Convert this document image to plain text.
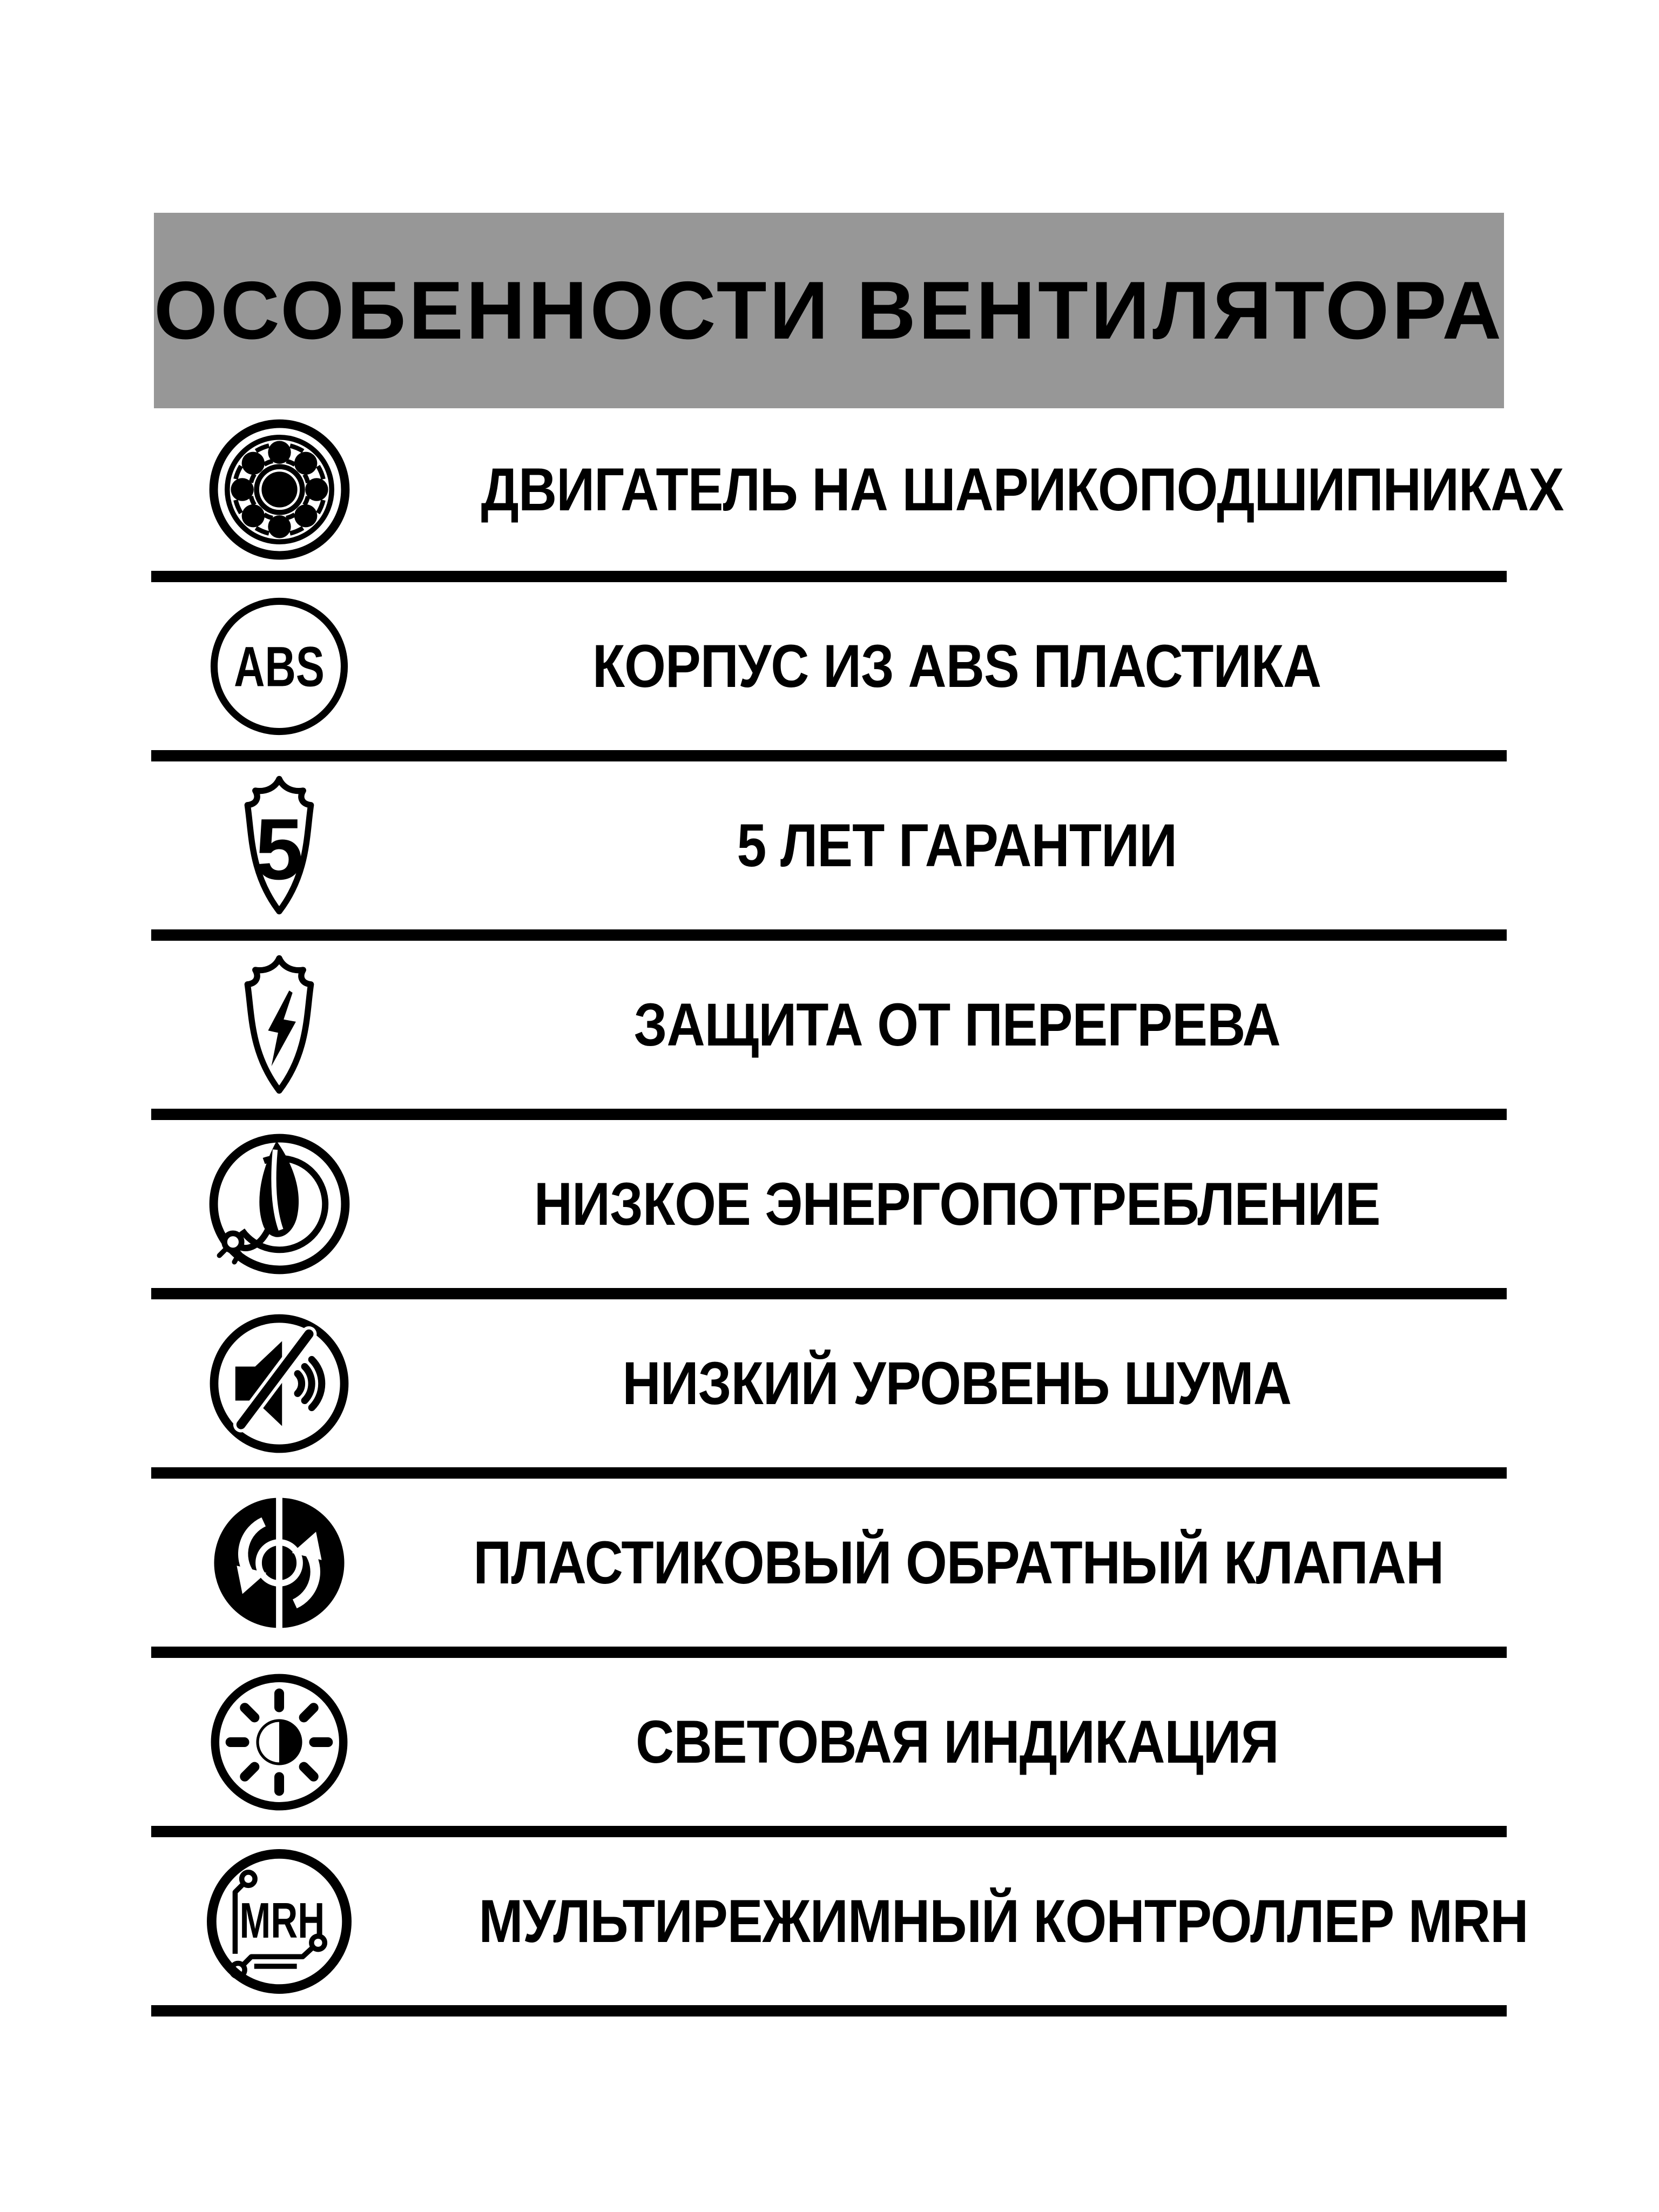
ОСОБЕННОСТИ ВЕНТИЛЯТОРА
ДВИГАТЕЛЬ НА ШАРИКОПОДШИПНИКАХ
ABS	КОРПУС ИЗ ABS ПЛАСТИКА
5	5 ЛЕТ ГАРАНТИИ
ЗАЩИТА ОТ ПЕРЕГРЕВА
НИЗКОЕ ЭНЕРГОПОТРЕБЛЕНИЕ
НИЗКИЙ УРОВЕНЬ ШУМА
ПЛАСТИКОВЫЙ ОБРАТНЫЙ КЛАПАН
СВЕТОВАЯ ИНДИКАЦИЯ
MRH	МУЛЬТИРЕЖИМНЫЙ КОНТРОЛЛЕР MRH
